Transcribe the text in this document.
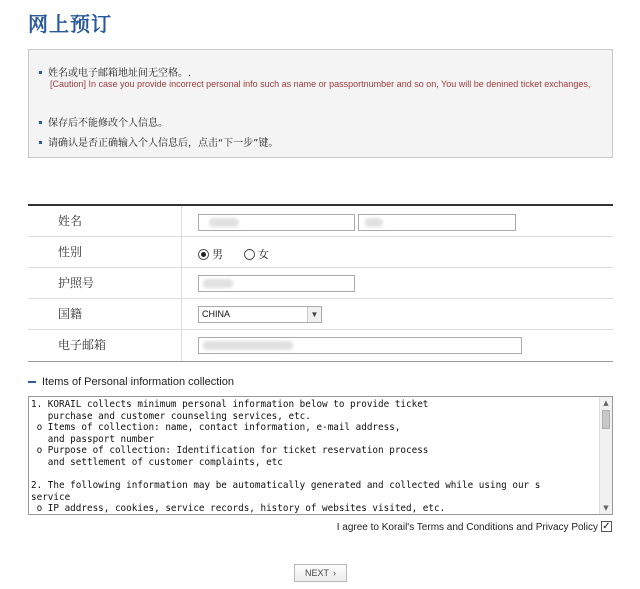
网上预订
姓名或电子邮箱地址间无空格。.
[Caution] In case you provide incorrect personal info such as name or passportnumber and so on, You will be denined ticket exchanges,
保存后不能修改个人信息。
请确认是否正确输入个人信息后，点击“下一步”键。
姓名
性别	男	女
护照号
国籍	CHINA	▼
电子邮箱
Items of Personal information collection
1. KORAIL collects minimum personal information below to provide ticket
purchase and customer counseling services, etc.
o Items of collection: name, contact information, e-mail address,
and passport number
o Purpose of collection: Identification for ticket reservation process
and settlement of customer complaints, etc

2. The following information may be automatically generated and collected while using our s
service
o IP address, cookies, service records, history of websites visited, etc.
▲
▼
I agree to Korail's Terms and Conditions and Privacy Policy ✓
NEXT ›
